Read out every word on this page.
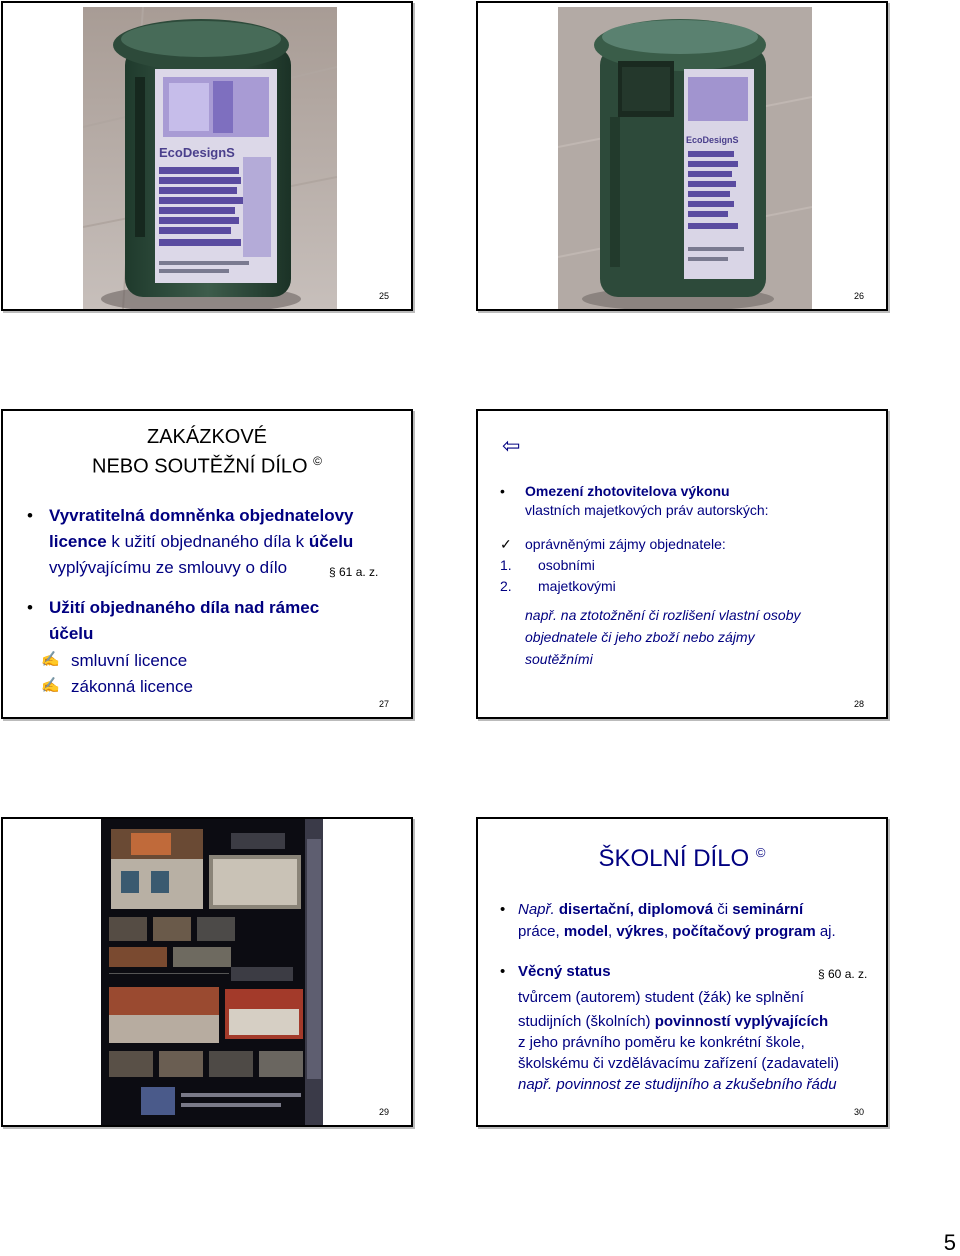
EcoDesignS
25
EcoDesignS
26
ZAKÁZKOVÉ
NEBO SOUTĚŽNÍ DÍLO ©
• Vyvratitelná domněnka objednatelovy
licence k užití objednaného díla k účelu
vyplývajícímu ze smlouvy o dílo	§ 61 a. z.
• Užití objednaného díla nad rámec
účelu
✍ smluvní licence
✍ zákonná licence
27
⇦
• Omezení zhotovitelova výkonu
vlastních majetkových práv autorských:
✓ oprávněnými zájmy objednatele:
1. osobními
2. majetkovými
např. na ztotožnění či rozlišení vlastní osoby
objednatele či jeho zboží nebo zájmy
soutěžními
28
29
ŠKOLNÍ DÍLO ©
• Např. disertační, diplomová či seminární
práce, model, výkres, počítačový program aj.
• Věcný status	§ 60 a. z.
tvůrcem (autorem) student (žák) ke splnění
studijních (školních) povinností vyplývajících
z jeho právního poměru ke konkrétní škole,
školskému či vzdělávacímu zařízení (zadavateli)
např. povinnost ze studijního a zkušebního řádu
30
5
